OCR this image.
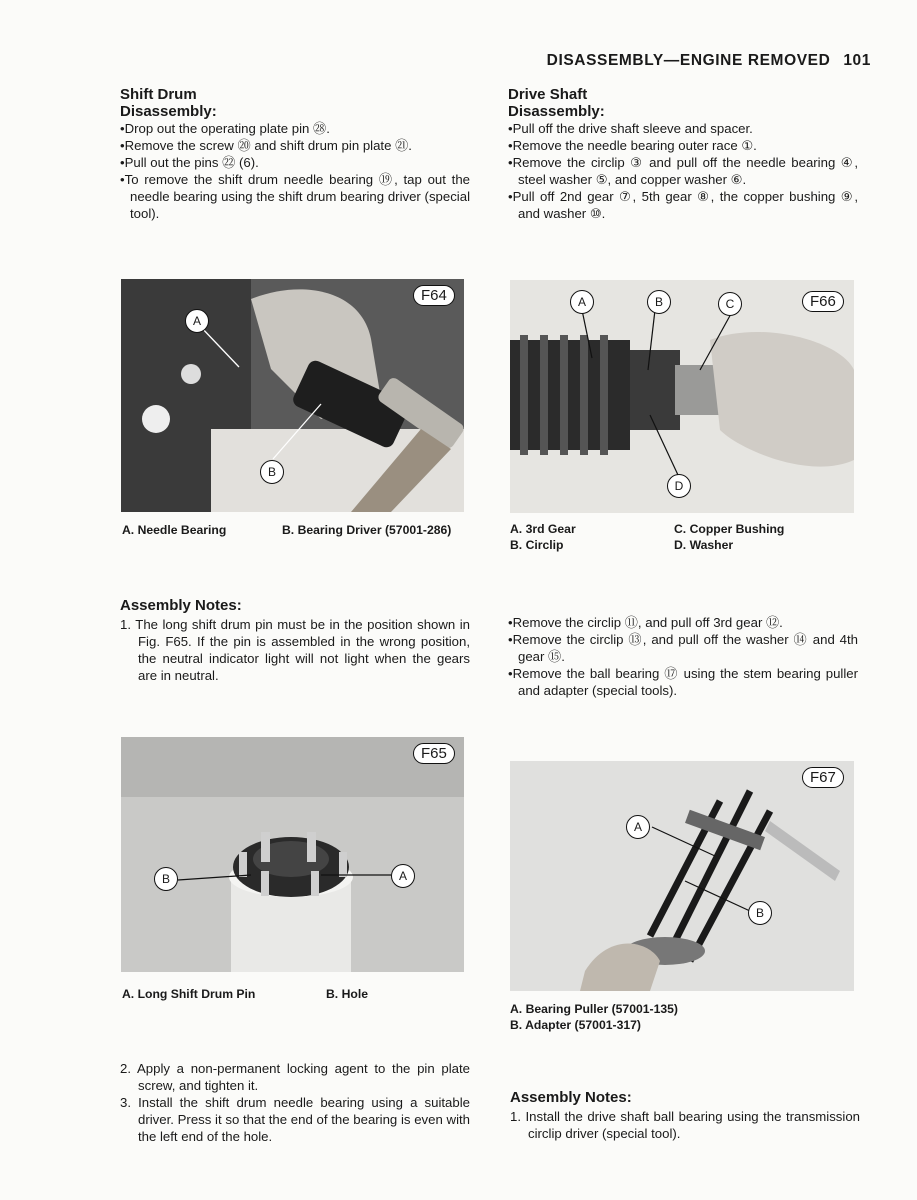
DISASSEMBLY—ENGINE REMOVED 101
Shift Drum
Disassembly:

•Drop out the operating plate pin ㉘.

•Remove the screw ⑳ and shift drum pin plate ㉑.

•Pull out the pins ㉒ (6).

•To remove the shift drum needle bearing ⑲, tap out the needle bearing using the shift drum bearing driver (special tool).

F64
A
B
A. Needle Bearing	B. Bearing Driver (57001-286)
Assembly Notes:

1. The long shift drum pin must be in the position shown in Fig. F65. If the pin is assembled in the wrong position, the neutral indicator light will not light when the gears are in neutral.

F65
B	A
A. Long Shift Drum Pin	B. Hole

2. Apply a non-permanent locking agent to the pin plate screw, and tighten it.

3. Install the shift drum needle bearing using a suitable driver. Press it so that the end of the bearing is even with the left end of the hole.

Drive Shaft
Disassembly:

•Pull off the drive shaft sleeve and spacer.

•Remove the needle bearing outer race ①.

•Remove the circlip ③ and pull off the needle bearing ④, steel washer ⑤, and copper washer ⑥.

•Pull off 2nd gear ⑦, 5th gear ⑧, the copper bushing ⑨, and washer ⑩.

F66
A	B	C
D
A. 3rd Gear
B. Circlip
C. Copper Bushing
D. Washer

•Remove the circlip ⑪, and pull off 3rd gear ⑫.

•Remove the circlip ⑬, and pull off the washer ⑭ and 4th gear ⑮.

•Remove the ball bearing ⑰ using the stem bearing puller and adapter (special tools).

F67
A
B
A. Bearing Puller (57001-135)
B. Adapter (57001-317)
Assembly Notes:

1. Install the drive shaft ball bearing using the transmission circlip driver (special tool).
